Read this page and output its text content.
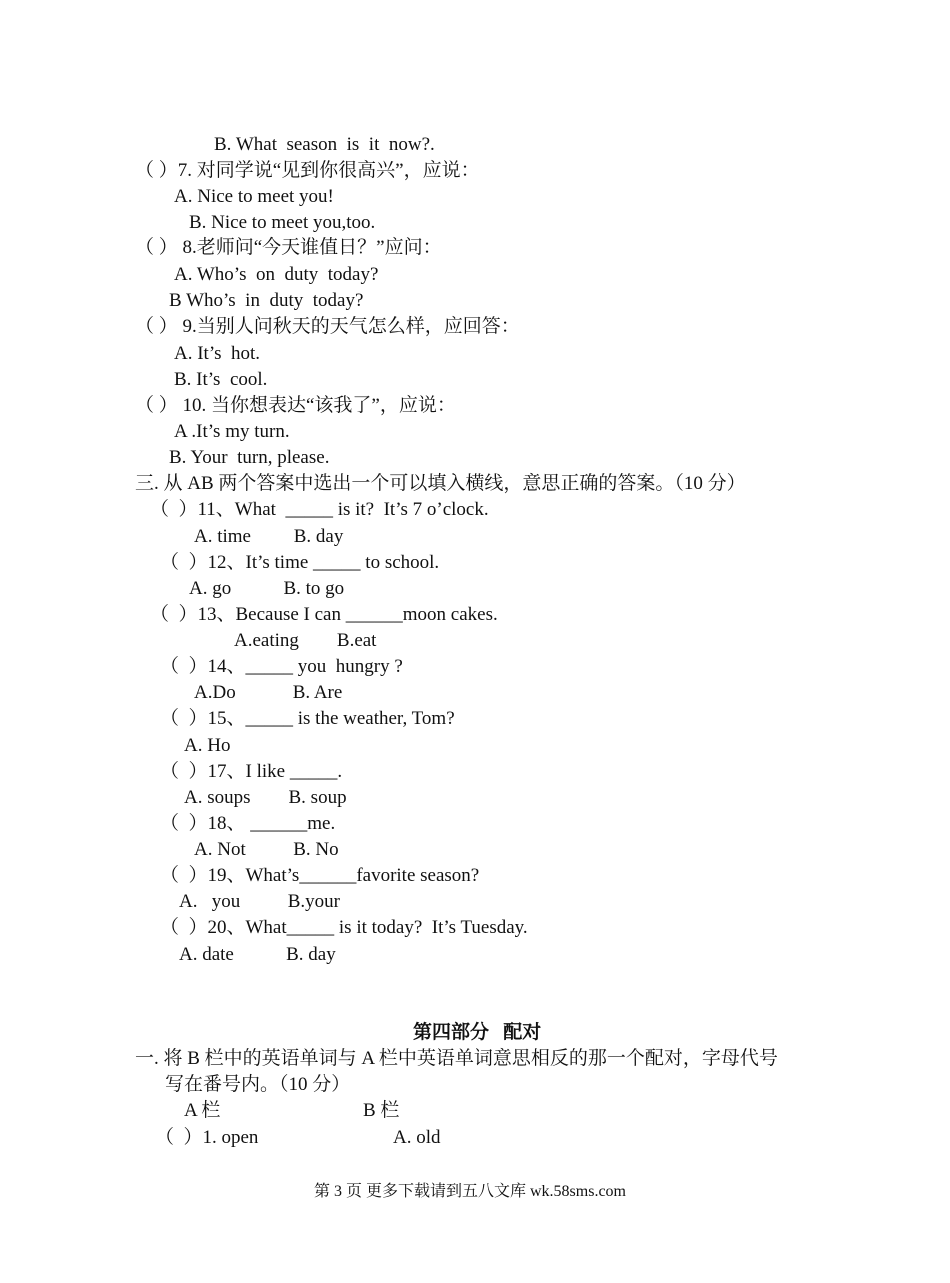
B. What  season  is  it  now?.
（ ）7. 对同学说“见到你很高兴”，应说：
A. Nice to meet you!
B. Nice to meet you,too.
（ ） 8.老师问“今天谁值日？”应问：
A. Who’s  on  duty  today?
B Who’s  in  duty  today?
（ ） 9.当别人问秋天的天气怎么样，应回答：
A. It’s  hot.
B. It’s  cool.
（ ） 10. 当你想表达“该我了”，应说：
A .It’s my turn.
B. Your  turn, please.
三. 从 AB 两个答案中选出一个可以填入横线，意思正确的答案。（10 分）
（  ）11、What  _____ is it?  It’s 7 o’clock.
A. time         B. day
（  ）12、It’s time _____ to school.
A. go           B. to go
（  ）13、Because I can ______moon cakes.
A.eating        B.eat
（  ）14、_____ you  hungry ?
A.Do            B. Are
（  ）15、_____ is the weather, Tom?
A. Ho
（  ）17、I like _____.
A. soups        B. soup
（  ）18、 ______me.
A. Not          B. No
（  ）19、What’s______favorite season?
A.   you          B.your
（  ）20、What_____ is it today?  It’s Tuesday.
A. date           B. day
第四部分   配对
一. 将 B 栏中的英语单词与 A 栏中英语单词意思相反的那一个配对，字母代号
写在番号内。（10 分）
A 栏	B 栏
（  ）1. open	A. old
第 3 页 更多下载请到五八文库 wk.58sms.com
